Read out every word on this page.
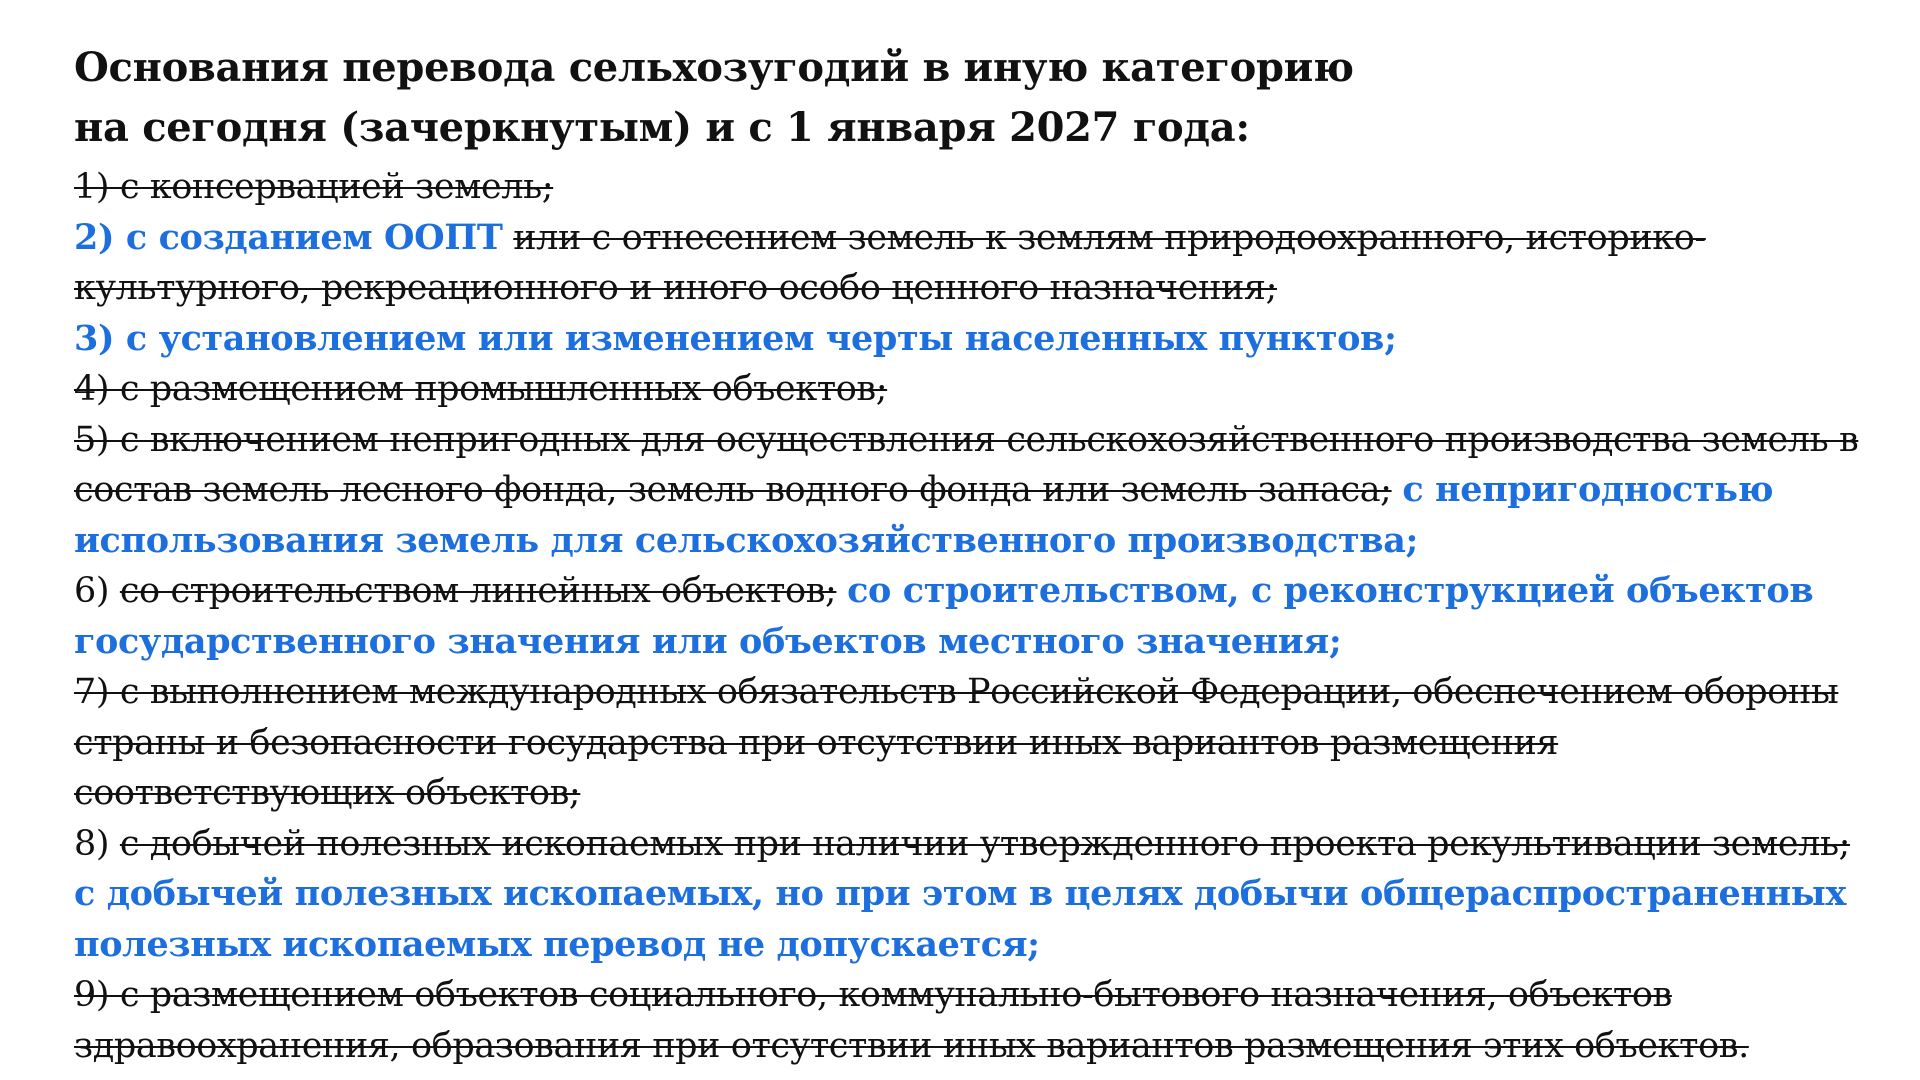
Основания перевода сельхозугодий в иную категорию
на сегодня (зачеркнутым) и с 1 января 2027 года:
1) с консервацией земель;
2) с созданием ООПТ или с отнесением земель к землям природоохранного, историко-культурного, рекреационного и иного особо ценного назначения;
3) с установлением или изменением черты населенных пунктов;
4) с размещением промышленных объектов;
5) с включением непригодных для осуществления сельскохозяйственного производства земель в состав земель лесного фонда, земель водного фонда или земель запаса; с непригодностью использования земель для сельскохозяйственного производства;
6) со строительством линейных объектов; со строительством, с реконструкцией объектов государственного значения или объектов местного значения;
7) с выполнением международных обязательств Российской Федерации, обеспечением обороны страны и безопасности государства при отсутствии иных вариантов размещения соответствующих объектов;
8) с добычей полезных ископаемых при наличии утвержденного проекта рекультивации земель; с добычей полезных ископаемых, но при этом в целях добычи общераспространенных полезных ископаемых перевод не допускается;
9) с размещением объектов социального, коммунально-бытового назначения, объектов здравоохранения, образования при отсутствии иных вариантов размещения этих объектов.
